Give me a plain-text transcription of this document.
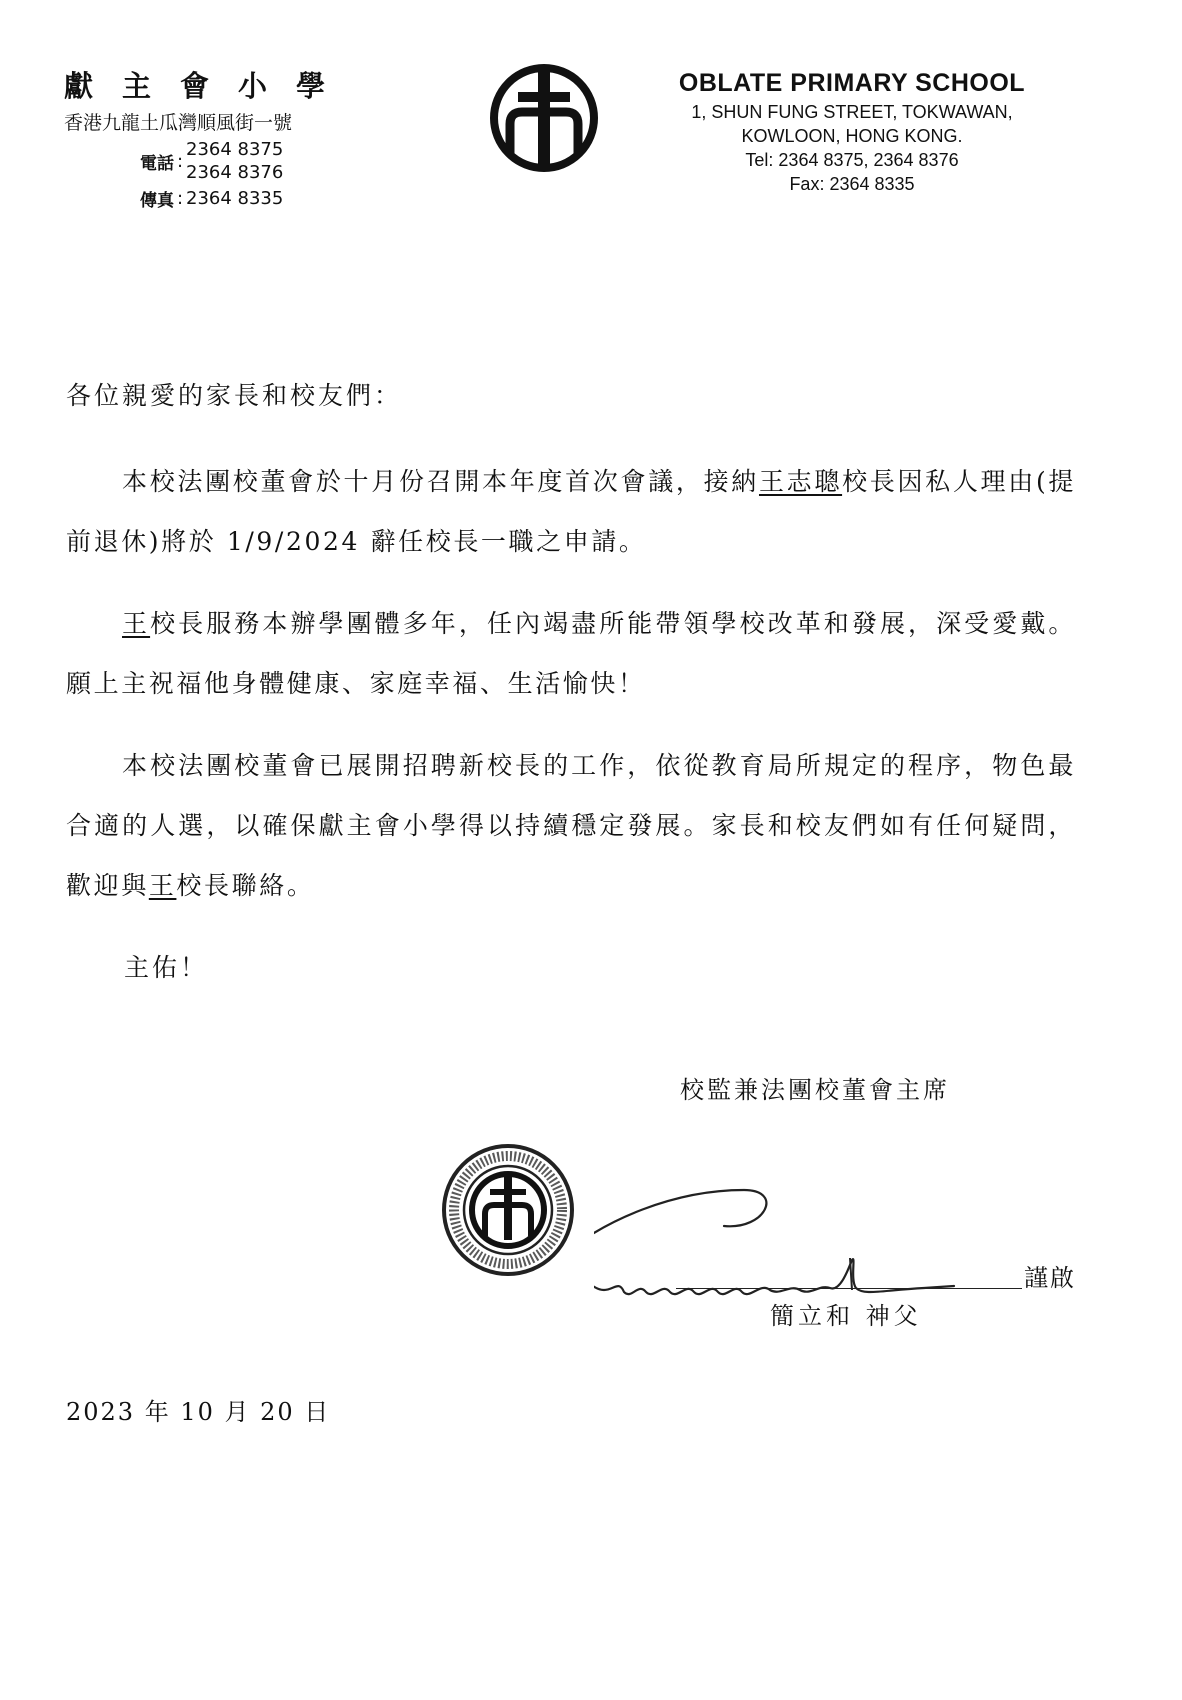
獻主會小學
香港九龍土瓜灣順風街一號
電話 :
2364 8375
2364 8376
傳真 : 2364 8335
OBLATE PRIMARY SCHOOL
1, SHUN FUNG STREET, TOKWAWAN,
KOWLOON, HONG KONG.
Tel: 2364 8375, 2364 8376
Fax: 2364 8335
各位親愛的家長和校友們：
本校法團校董會於十月份召開本年度首次會議，接納王志聰校長因私人理由(提前退休)將於 1/9/2024 辭任校長一職之申請。
王校長服務本辦學團體多年，任內竭盡所能帶領學校改革和發展，深受愛戴。願上主祝福他身體健康、家庭幸福、生活愉快！
本校法團校董會已展開招聘新校長的工作，依從教育局所規定的程序，物色最合適的人選，以確保獻主會小學得以持續穩定發展。家長和校友們如有任何疑問，歡迎與王校長聯絡。
主佑！
校監兼法團校董會主席
謹啟
簡立和 神父
2023 年 10 月 20 日
